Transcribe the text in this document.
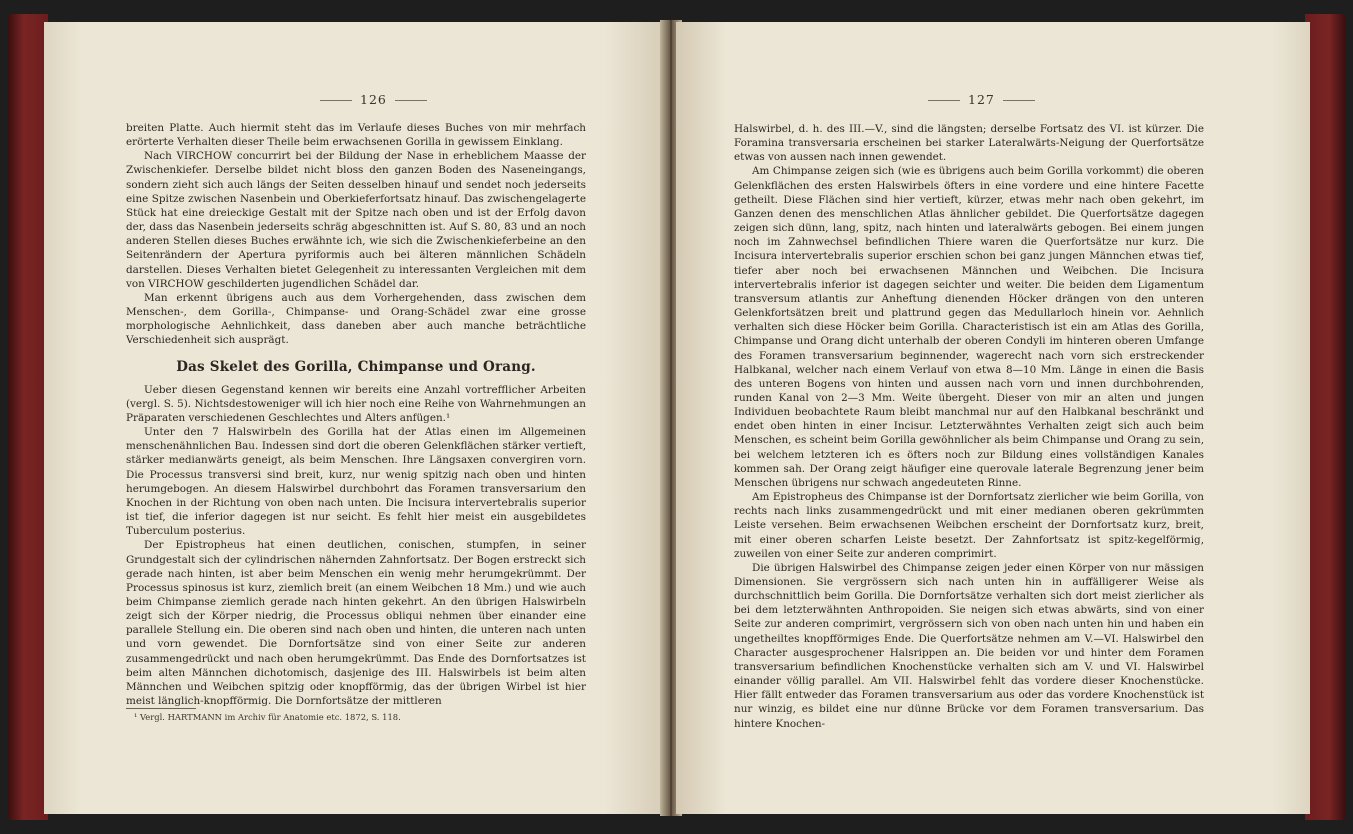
126

breiten Platte. Auch hiermit steht das im Verlaufe dieses Buches von mir mehrfach erörterte Verhalten dieser Theile beim erwachsenen Gorilla in gewissem Einklang.

Nach VIRCHOW concurrirt bei der Bildung der Nase in erheblichem Maasse der Zwischenkiefer. Derselbe bildet nicht bloss den ganzen Boden des Naseneingangs, sondern zieht sich auch längs der Seiten desselben hinauf und sendet noch jederseits eine Spitze zwischen Nasenbein und Oberkieferfortsatz hinauf. Das zwischengelagerte Stück hat eine dreieckige Gestalt mit der Spitze nach oben und ist der Erfolg davon der, dass das Nasenbein jederseits schräg abgeschnitten ist. Auf S. 80, 83 und an noch anderen Stellen dieses Buches erwähnte ich, wie sich die Zwischenkieferbeine an den Seitenrändern der Apertura pyriformis auch bei älteren männlichen Schädeln darstellen. Dieses Verhalten bietet Gelegenheit zu interessanten Vergleichen mit dem von VIRCHOW geschilderten jugendlichen Schädel dar.

Man erkennt übrigens auch aus dem Vorhergehenden, dass zwischen dem Menschen-, dem Gorilla-, Chimpanse- und Orang-Schädel zwar eine grosse morphologische Aehnlichkeit, dass daneben aber auch manche beträchtliche Verschiedenheit sich ausprägt.

Das Skelet des Gorilla, Chimpanse und Orang.

Ueber diesen Gegenstand kennen wir bereits eine Anzahl vortrefflicher Arbeiten (vergl. S. 5). Nichtsdestoweniger will ich hier noch eine Reihe von Wahrnehmungen an Präparaten verschiedenen Geschlechtes und Alters anfügen.¹

Unter den 7 Halswirbeln des Gorilla hat der Atlas einen im Allgemeinen menschenähnlichen Bau. Indessen sind dort die oberen Gelenkflächen stärker vertieft, stärker medianwärts geneigt, als beim Menschen. Ihre Längsaxen convergiren vorn. Die Processus transversi sind breit, kurz, nur wenig spitzig nach oben und hinten herumgebogen. An diesem Halswirbel durchbohrt das Foramen transversarium den Knochen in der Richtung von oben nach unten. Die Incisura intervertebralis superior ist tief, die inferior dagegen ist nur seicht. Es fehlt hier meist ein ausgebildetes Tuberculum posterius.

Der Epistropheus hat einen deutlichen, conischen, stumpfen, in seiner Grundgestalt sich der cylindrischen nähernden Zahnfortsatz. Der Bogen erstreckt sich gerade nach hinten, ist aber beim Menschen ein wenig mehr herumgekrümmt. Der Processus spinosus ist kurz, ziemlich breit (an einem Weibchen 18 Mm.) und wie auch beim Chimpanse ziemlich gerade nach hinten gekehrt. An den übrigen Halswirbeln zeigt sich der Körper niedrig, die Processus obliqui nehmen über einander eine parallele Stellung ein. Die oberen sind nach oben und hinten, die unteren nach unten und vorn gewendet. Die Dornfortsätze sind von einer Seite zur anderen zusammengedrückt und nach oben herumgekrümmt. Das Ende des Dornfortsatzes ist beim alten Männchen dichotomisch, dasjenige des III. Halswirbels ist beim alten Männchen und Weibchen spitzig oder knopfförmig, das der übrigen Wirbel ist hier meist länglich-knopfförmig. Die Dornfortsätze der mittleren

¹ Vergl. HARTMANN im Archiv für Anatomie etc. 1872, S. 118.
127

Halswirbel, d. h. des III.—V., sind die längsten; derselbe Fortsatz des VI. ist kürzer. Die Foramina transversaria erscheinen bei starker Lateralwärts-Neigung der Querfortsätze etwas von aussen nach innen gewendet.

Am Chimpanse zeigen sich (wie es übrigens auch beim Gorilla vorkommt) die oberen Gelenkflächen des ersten Halswirbels öfters in eine vordere und eine hintere Facette getheilt. Diese Flächen sind hier vertieft, kürzer, etwas mehr nach oben gekehrt, im Ganzen denen des menschlichen Atlas ähnlicher gebildet. Die Querfortsätze dagegen zeigen sich dünn, lang, spitz, nach hinten und lateralwärts gebogen. Bei einem jungen noch im Zahnwechsel befindlichen Thiere waren die Querfortsätze nur kurz. Die Incisura intervertebralis superior erschien schon bei ganz jungen Männchen etwas tief, tiefer aber noch bei erwachsenen Männchen und Weibchen. Die Incisura intervertebralis inferior ist dagegen seichter und weiter. Die beiden dem Ligamentum transversum atlantis zur Anheftung dienenden Höcker drängen von den unteren Gelenkfortsätzen breit und plattrund gegen das Medullarloch hinein vor. Aehnlich verhalten sich diese Höcker beim Gorilla. Characteristisch ist ein am Atlas des Gorilla, Chimpanse und Orang dicht unterhalb der oberen Condyli im hinteren oberen Umfange des Foramen transversarium beginnender, wagerecht nach vorn sich erstreckender Halbkanal, welcher nach einem Verlauf von etwa 8—10 Mm. Länge in einen die Basis des unteren Bogens von hinten und aussen nach vorn und innen durchbohrenden, runden Kanal von 2—3 Mm. Weite übergeht. Dieser von mir an alten und jungen Individuen beobachtete Raum bleibt manchmal nur auf den Halbkanal beschränkt und endet oben hinten in einer Incisur. Letzterwähntes Verhalten zeigt sich auch beim Menschen, es scheint beim Gorilla gewöhnlicher als beim Chimpanse und Orang zu sein, bei welchem letzteren ich es öfters noch zur Bildung eines vollständigen Kanales kommen sah. Der Orang zeigt häufiger eine querovale laterale Begrenzung jener beim Menschen übrigens nur schwach angedeuteten Rinne.

Am Epistropheus des Chimpanse ist der Dornfortsatz zierlicher wie beim Gorilla, von rechts nach links zusammengedrückt und mit einer medianen oberen gekrümmten Leiste versehen. Beim erwachsenen Weibchen erscheint der Dornfortsatz kurz, breit, mit einer oberen scharfen Leiste besetzt. Der Zahnfortsatz ist spitz-kegelförmig, zuweilen von einer Seite zur anderen comprimirt.

Die übrigen Halswirbel des Chimpanse zeigen jeder einen Körper von nur mässigen Dimensionen. Sie vergrössern sich nach unten hin in auffälligerer Weise als durchschnittlich beim Gorilla. Die Dornfortsätze verhalten sich dort meist zierlicher als bei dem letzterwähnten Anthropoiden. Sie neigen sich etwas abwärts, sind von einer Seite zur anderen comprimirt, vergrössern sich von oben nach unten hin und haben ein ungetheiltes knopfförmiges Ende. Die Querfortsätze nehmen am V.—VI. Halswirbel den Character ausgesprochener Halsrippen an. Die beiden vor und hinter dem Foramen transversarium befindlichen Knochenstücke verhalten sich am V. und VI. Halswirbel einander völlig parallel. Am VII. Halswirbel fehlt das vordere dieser Knochenstücke. Hier fällt entweder das Foramen transversarium aus oder das vordere Knochenstück ist nur winzig, es bildet eine nur dünne Brücke vor dem Foramen transversarium. Das hintere Knochen-
